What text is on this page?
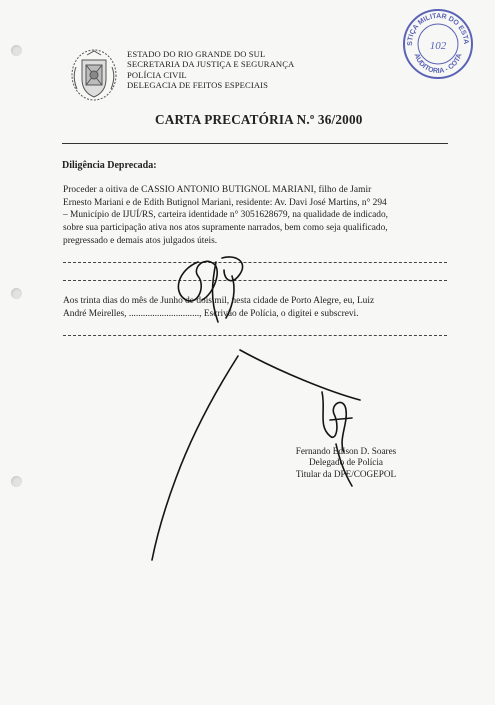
ESTADO DO RIO GRANDE DO SUL
SECRETARIA DA JUSTIÇA E SEGURANÇA
POLÍCIA CIVIL
DELEGACIA DE FEITOS ESPECIAIS
STIÇA MILITAR DO ESTA
AUDITORIA - COTA
102
CARTA PRECATÓRIA N.º 36/2000
Diligência Deprecada:
Proceder a oitiva de CASSIO ANTONIO BUTIGNOL MARIANI, filho de Jamir
Ernesto Mariani e de Edith Butignol Mariani, residente: Av. Davi José Martins, n° 294
– Município de IJUÍ/RS, carteira identidade n° 3051628679, na qualidade de indicado,
sobre sua participação ativa nos atos supramente narrados, bem como seja qualificado,
pregressado e demais atos julgados úteis.
Aos trinta dias do mês de Junho de dois mil, nesta cidade de Porto Alegre, eu, Luiz
André Meirelles, .............................., Escrivão de Polícia, o digitei e subscrevi.
Fernando Edison D. Soares
Delegado de Polícia
Titular da DPE/COGEPOL
